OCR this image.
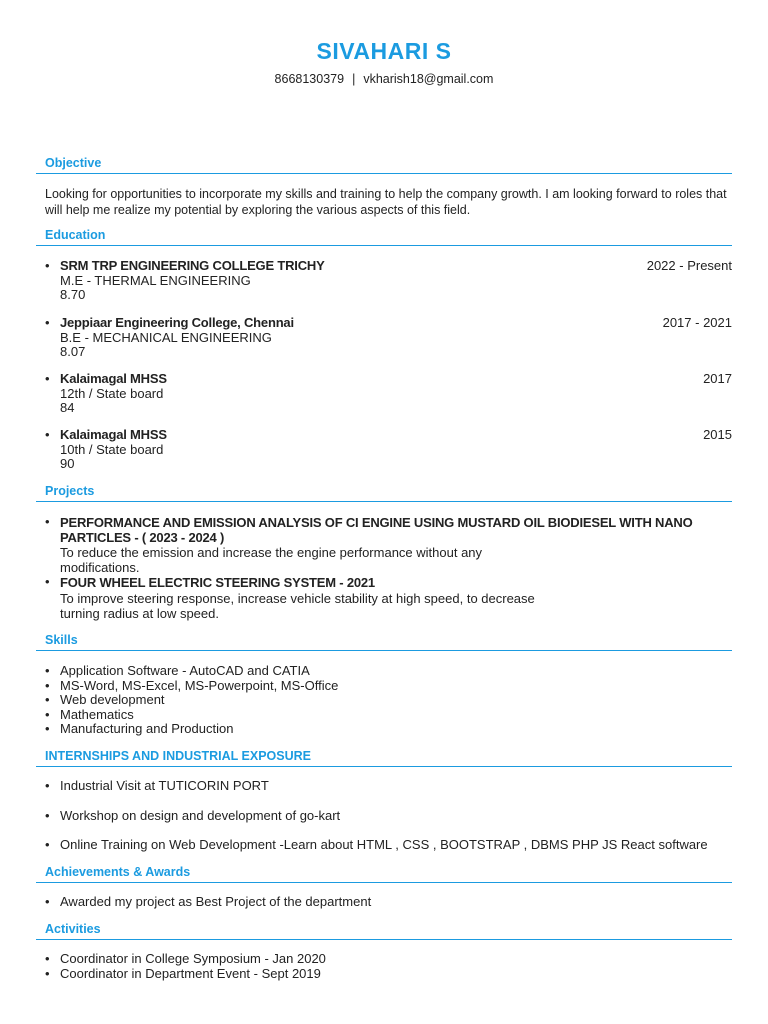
SIVAHARI S
8668130379 | vkharish18@gmail.com
Objective
Looking for opportunities to incorporate my skills and training to help the company growth. I am looking forward to roles that will help me realize my potential by exploring the various aspects of this field.
Education
• SRM TRP ENGINEERING COLLEGE TRICHY
M.E - THERMAL ENGINEERING
8.70
2022 - Present
• Jeppiaar Engineering College, Chennai
B.E - MECHANICAL ENGINEERING
8.07
2017 - 2021
• Kalaimagal MHSS
12th / State board
84
2017
• Kalaimagal MHSS
10th / State board
90
2015
Projects
• PERFORMANCE AND EMISSION ANALYSIS OF CI ENGINE USING MUSTARD OIL BIODIESEL WITH NANO PARTICLES - ( 2023 - 2024 )
To reduce the emission and increase the engine performance without any modifications.
• FOUR WHEEL ELECTRIC STEERING SYSTEM - 2021
To improve steering response, increase vehicle stability at high speed, to decrease turning radius at low speed.
Skills
• Application Software - AutoCAD and CATIA
• MS-Word, MS-Excel, MS-Powerpoint, MS-Office
• Web development
• Mathematics
• Manufacturing and Production
INTERNSHIPS AND INDUSTRIAL EXPOSURE
• Industrial Visit at TUTICORIN PORT
• Workshop on design and development of go-kart
• Online Training on Web Development -Learn about HTML , CSS , BOOTSTRAP , DBMS PHP JS React software
Achievements & Awards
• Awarded my project as Best Project of the department
Activities
• Coordinator in College Symposium - Jan 2020
• Coordinator in Department Event - Sept 2019
